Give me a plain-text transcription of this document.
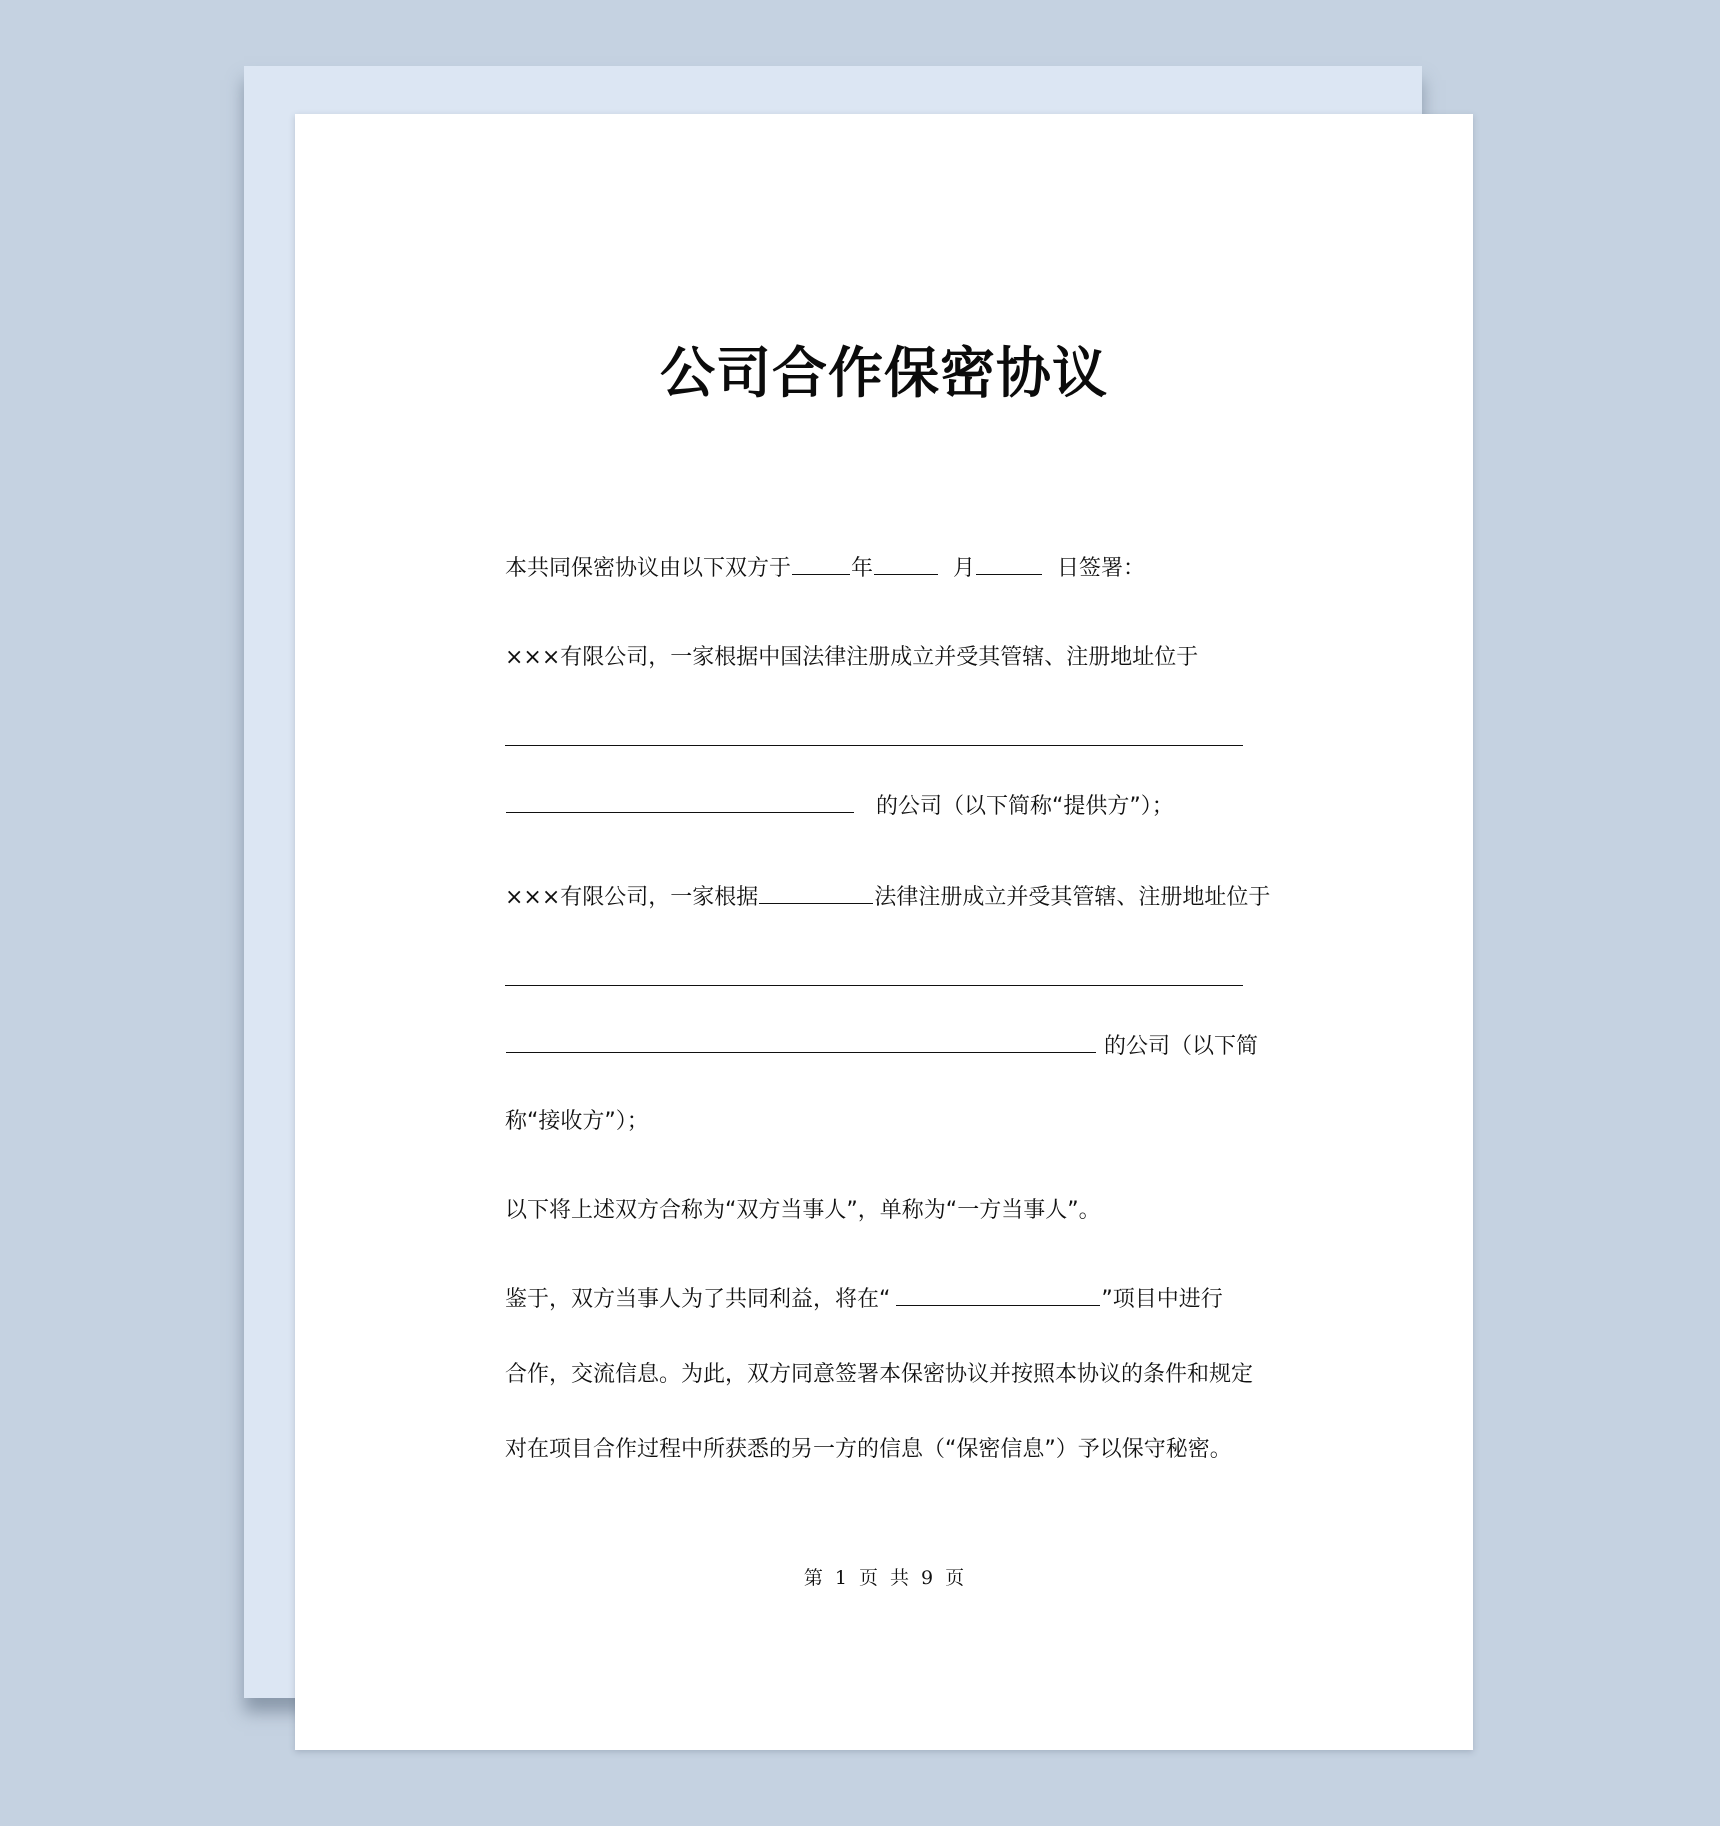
公司合作保密协议
本共同保密协议由以下双方于	年	月	日签署：
×××有限公司，一家根据中国法律注册成立并受其管辖、注册地址位于
的公司（以下简称“提供方”）；
×××有限公司，一家根据	法律注册成立并受其管辖、注册地址位于
的公司（以下简
称“接收方”）；
以下将上述双方合称为“双方当事人”，单称为“一方当事人”。
鉴于，双方当事人为了共同利益，将在“	”项目中进行
合作，交流信息。为此，双方同意签署本保密协议并按照本协议的条件和规定
对在项目合作过程中所获悉的另一方的信息（“保密信息”）予以保守秘密。
第 1 页 共 9 页
